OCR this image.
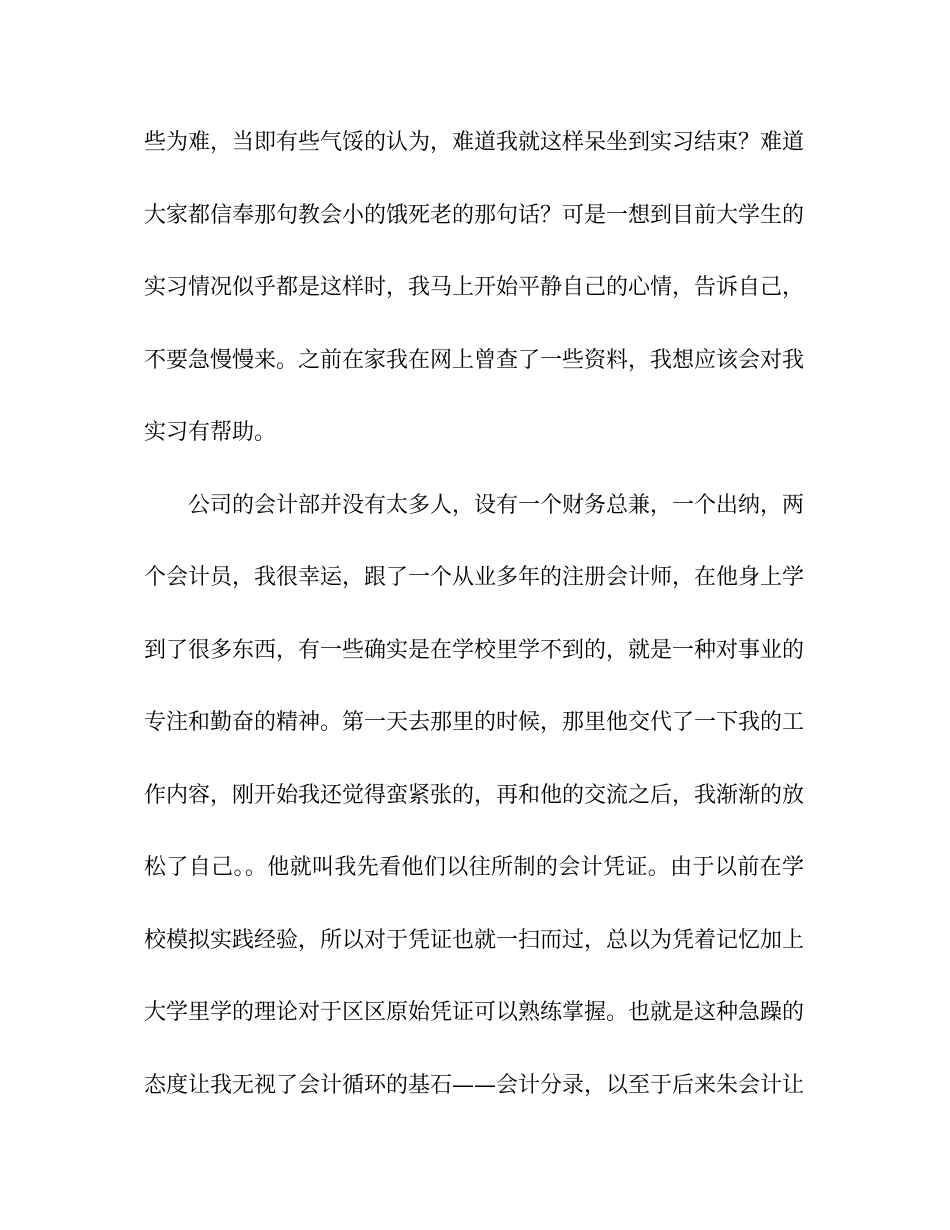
些为难，当即有些气馁的认为，难道我就这样呆坐到实习结束？难道
大家都信奉那句教会小的饿死老的那句话？可是一想到目前大学生的
实习情况似乎都是这样时，我马上开始平静自己的心情，告诉自己，
不要急慢慢来。之前在家我在网上曾查了一些资料，我想应该会对我
实习有帮助。
公司的会计部并没有太多人，设有一个财务总兼，一个出纳，两
个会计员，我很幸运，跟了一个从业多年的注册会计师，在他身上学
到了很多东西，有一些确实是在学校里学不到的，就是一种对事业的
专注和勤奋的精神。第一天去那里的时候，那里他交代了一下我的工
作内容，刚开始我还觉得蛮紧张的，再和他的交流之后，我渐渐的放
松了自己。。他就叫我先看他们以往所制的会计凭证。由于以前在学
校模拟实践经验，所以对于凭证也就一扫而过，总以为凭着记忆加上
大学里学的理论对于区区原始凭证可以熟练掌握。也就是这种急躁的
态度让我无视了会计循环的基石——会计分录，以至于后来朱会计让
